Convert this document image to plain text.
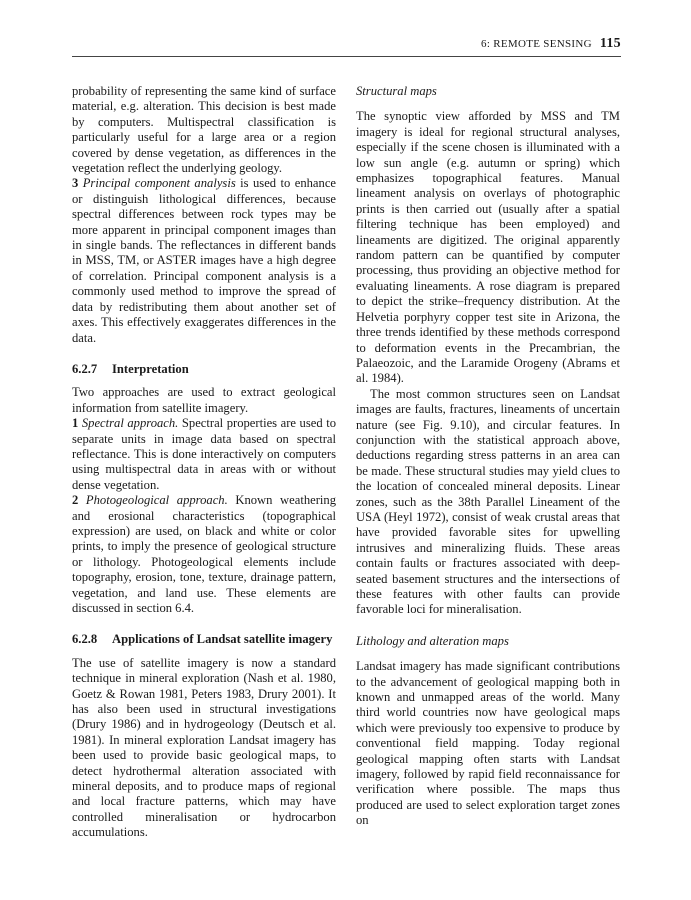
6: REMOTE SENSING 115

probability of representing the same kind of surface material, e.g. alteration. This decision is best made by computers. Multispectral classification is particularly useful for a large area or a region covered by dense vegetation, as differences in the vegetation reflect the underlying geology.

3 Principal component analysis is used to enhance or distinguish lithological differences, because spectral differences between rock types may be more apparent in principal component images than in single bands. The reflectances in different bands in MSS, TM, or ASTER images have a high degree of correlation. Principal component analysis is a commonly used method to improve the spread of data by redistributing them about another set of axes. This effectively exaggerates differences in the data.

6.2.7	Interpretation

Two approaches are used to extract geological information from satellite imagery.

1 Spectral approach. Spectral properties are used to separate units in image data based on spectral reflectance. This is done interactively on computers using multispectral data in areas with or without dense vegetation.

2 Photogeological approach. Known weathering and erosional characteristics (topographical expression) are used, on black and white or color prints, to imply the presence of geological structure or lithology. Photogeological elements include topography, erosion, tone, texture, drainage pattern, vegetation, and land use. These elements are discussed in section 6.4.

6.2.8	Applications of Landsat satellite imagery

The use of satellite imagery is now a standard technique in mineral exploration (Nash et al. 1980, Goetz & Rowan 1981, Peters 1983, Drury 2001). It has also been used in structural investigations (Drury 1986) and in hydrogeology (Deutsch et al. 1981). In mineral exploration Landsat imagery has been used to provide basic geological maps, to detect hydrothermal alteration associated with mineral deposits, and to produce maps of regional and local fracture patterns, which may have controlled mineralisation or hydrocarbon accumulations.

Structural maps

The synoptic view afforded by MSS and TM imagery is ideal for regional structural analyses, especially if the scene chosen is illuminated with a low sun angle (e.g. autumn or spring) which emphasizes topographical features. Manual lineament analysis on overlays of photographic prints is then carried out (usually after a spatial filtering technique has been employed) and lineaments are digitized. The original apparently random pattern can be quantified by computer processing, thus providing an objective method for evaluating lineaments. A rose diagram is prepared to depict the strike–frequency distribution. At the Helvetia porphyry copper test site in Arizona, the three trends identified by these methods correspond to deformation events in the Precambrian, the Palaeozoic, and the Laramide Orogeny (Abrams et al. 1984).

The most common structures seen on Landsat images are faults, fractures, lineaments of uncertain nature (see Fig. 9.10), and circular features. In conjunction with the statistical approach above, deductions regarding stress patterns in an area can be made. These structural studies may yield clues to the location of concealed mineral deposits. Linear zones, such as the 38th Parallel Lineament of the USA (Heyl 1972), consist of weak crustal areas that have provided favorable sites for upwelling intrusives and mineralizing fluids. These areas contain faults or fractures associated with deep-seated basement structures and the intersections of these features with other faults can provide favorable loci for mineralisation.

Lithology and alteration maps

Landsat imagery has made significant contributions to the advancement of geological mapping both in known and unmapped areas of the world. Many third world countries now have geological maps which were previously too expensive to produce by conventional field mapping. Today regional geological mapping often starts with Landsat imagery, followed by rapid field reconnaissance for verification where possible. The maps thus produced are used to select exploration target zones on
